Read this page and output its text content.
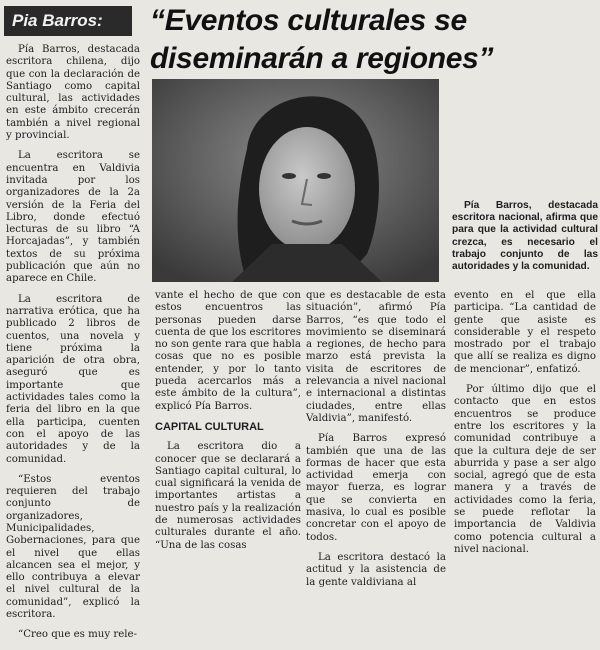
Pia Barros:	“Eventos culturales se diseminarán a regiones”
Pía Barros, destacada escritora nacional, afirma que para que la actividad cultural crezca, es necesario el trabajo conjunto de las autoridades y la comunidad.

Pía Barros, destacada escritora chilena, dijo que con la declaración de Santiago como capital cultural, las actividades en este ámbito crecerán también a nivel regional y provincial.

La escritora se encuentra en Valdivia invitada por los organizadores de la 2a versión de la Feria del Libro, donde efectuó lecturas de su libro “A Horcajadas”, y también textos de su próxima publicación que aún no aparece en Chile.

La escritora de narrativa erótica, que ha publicado 2 libros de cuentos, una novela y tiene próxima la aparición de otra obra, aseguró que es importante que actividades tales como la feria del libro en la que ella participa, cuenten con el apoyo de las autoridades y de la comunidad.

“Estos eventos requieren del trabajo conjunto de organizadores, Municipalidades, Gobernaciones, para que el nivel que ellas alcancen sea el mejor, y ello contribuya a elevar el nivel cultural de la comunidad”, explicó la escritora.

“Creo que es muy rele-

vante el hecho de que con estos encuentros las personas pueden darse cuenta de que los escritores no son gente rara que habla cosas que no es posible entender, y por lo tanto pueda acercarlos más a este ámbito de la cultura”, explicó Pía Barros.

CAPITAL CULTURAL

La escritora dio a conocer que se declarará a Santiago capital cultural, lo cual significará la venida de importantes artistas a nuestro país y la realización de numerosas actividades culturales durante el año. “Una de las cosas

que es destacable de esta situación”, afirmó Pía Barros, “es que todo el movimiento se diseminará a regiones, de hecho para marzo está prevista la visita de escritores de relevancia a nivel nacional e internacional a distintas ciudades, entre ellas Valdivia”, manifestó.

Pía Barros expresó también que una de las formas de hacer que esta actividad emerja con mayor fuerza, es lograr que se convierta en masiva, lo cual es posible concretar con el apoyo de todos.

La escritora destacó la actitud y la asistencia de la gente valdiviana al

evento en el que ella participa. “La cantidad de gente que asiste es considerable y el respeto mostrado por el trabajo que allí se realiza es digno de mencionar”, enfatizó.

Por último dijo que el contacto que en estos encuentros se produce entre los escritores y la comunidad contribuye a que la cultura deje de ser aburrida y pase a ser algo social, agregó que de esta manera y a través de actividades como la feria, se puede reflotar la importancia de Valdivia como potencia cultural a nivel nacional.
